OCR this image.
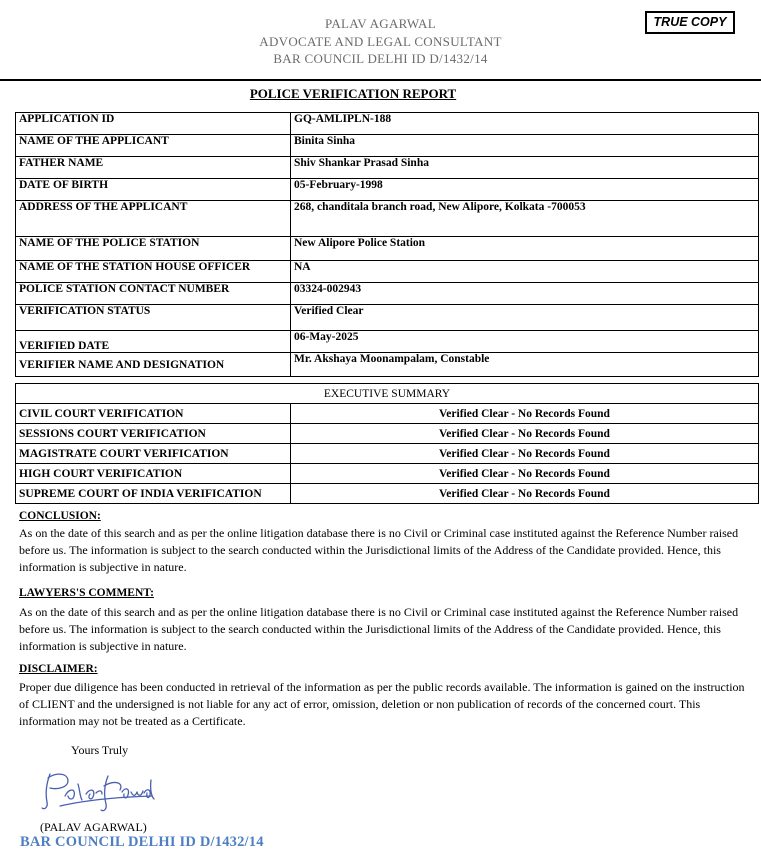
PALAV AGARWAL
ADVOCATE AND LEGAL CONSULTANT
BAR COUNCIL DELHI ID D/1432/14
TRUE COPY
POLICE VERIFICATION REPORT
APPLICATION ID	GQ-AMLIPLN-188
NAME OF THE APPLICANT	Binita Sinha
FATHER NAME	Shiv Shankar Prasad Sinha
DATE OF BIRTH	05-February-1998
ADDRESS OF THE APPLICANT	268, chanditala branch road, New Alipore, Kolkata -700053
NAME OF THE POLICE STATION	New Alipore Police Station
NAME OF THE STATION HOUSE OFFICER	NA
POLICE STATION CONTACT NUMBER	03324-002943
VERIFICATION STATUS	Verified Clear
VERIFIED DATE	06-May-2025
VERIFIER NAME AND DESIGNATION	Mr. Akshaya Moonampalam, Constable
EXECUTIVE SUMMARY	
CIVIL COURT VERIFICATION	Verified Clear - No Records Found
SESSIONS COURT VERIFICATION	Verified Clear - No Records Found
MAGISTRATE COURT VERIFICATION	Verified Clear - No Records Found
HIGH COURT VERIFICATION	Verified Clear - No Records Found
SUPREME COURT OF INDIA VERIFICATION	Verified Clear - No Records Found
CONCLUSION:
As on the date of this search and as per the online litigation database there is no Civil or Criminal case instituted against the Reference Number raised before us. The information is subject to the search conducted within the Jurisdictional limits of the Address of the Candidate provided. Hence, this information is subjective in nature.
LAWYERS'S COMMENT:
As on the date of this search and as per the online litigation database there is no Civil or Criminal case instituted against the Reference Number raised before us. The information is subject to the search conducted within the Jurisdictional limits of the Address of the Candidate provided. Hence, this information is subjective in nature.
DISCLAIMER:
Proper due diligence has been conducted in retrieval of the information as per the public records available. The information is gained on the instruction of CLIENT and the undersigned is not liable for any act of error, omission, deletion or non publication of records of the concerned court. This information may not be treated as a Certificate.
Yours Truly
(PALAV AGARWAL)
BAR COUNCIL DELHI ID D/1432/14
